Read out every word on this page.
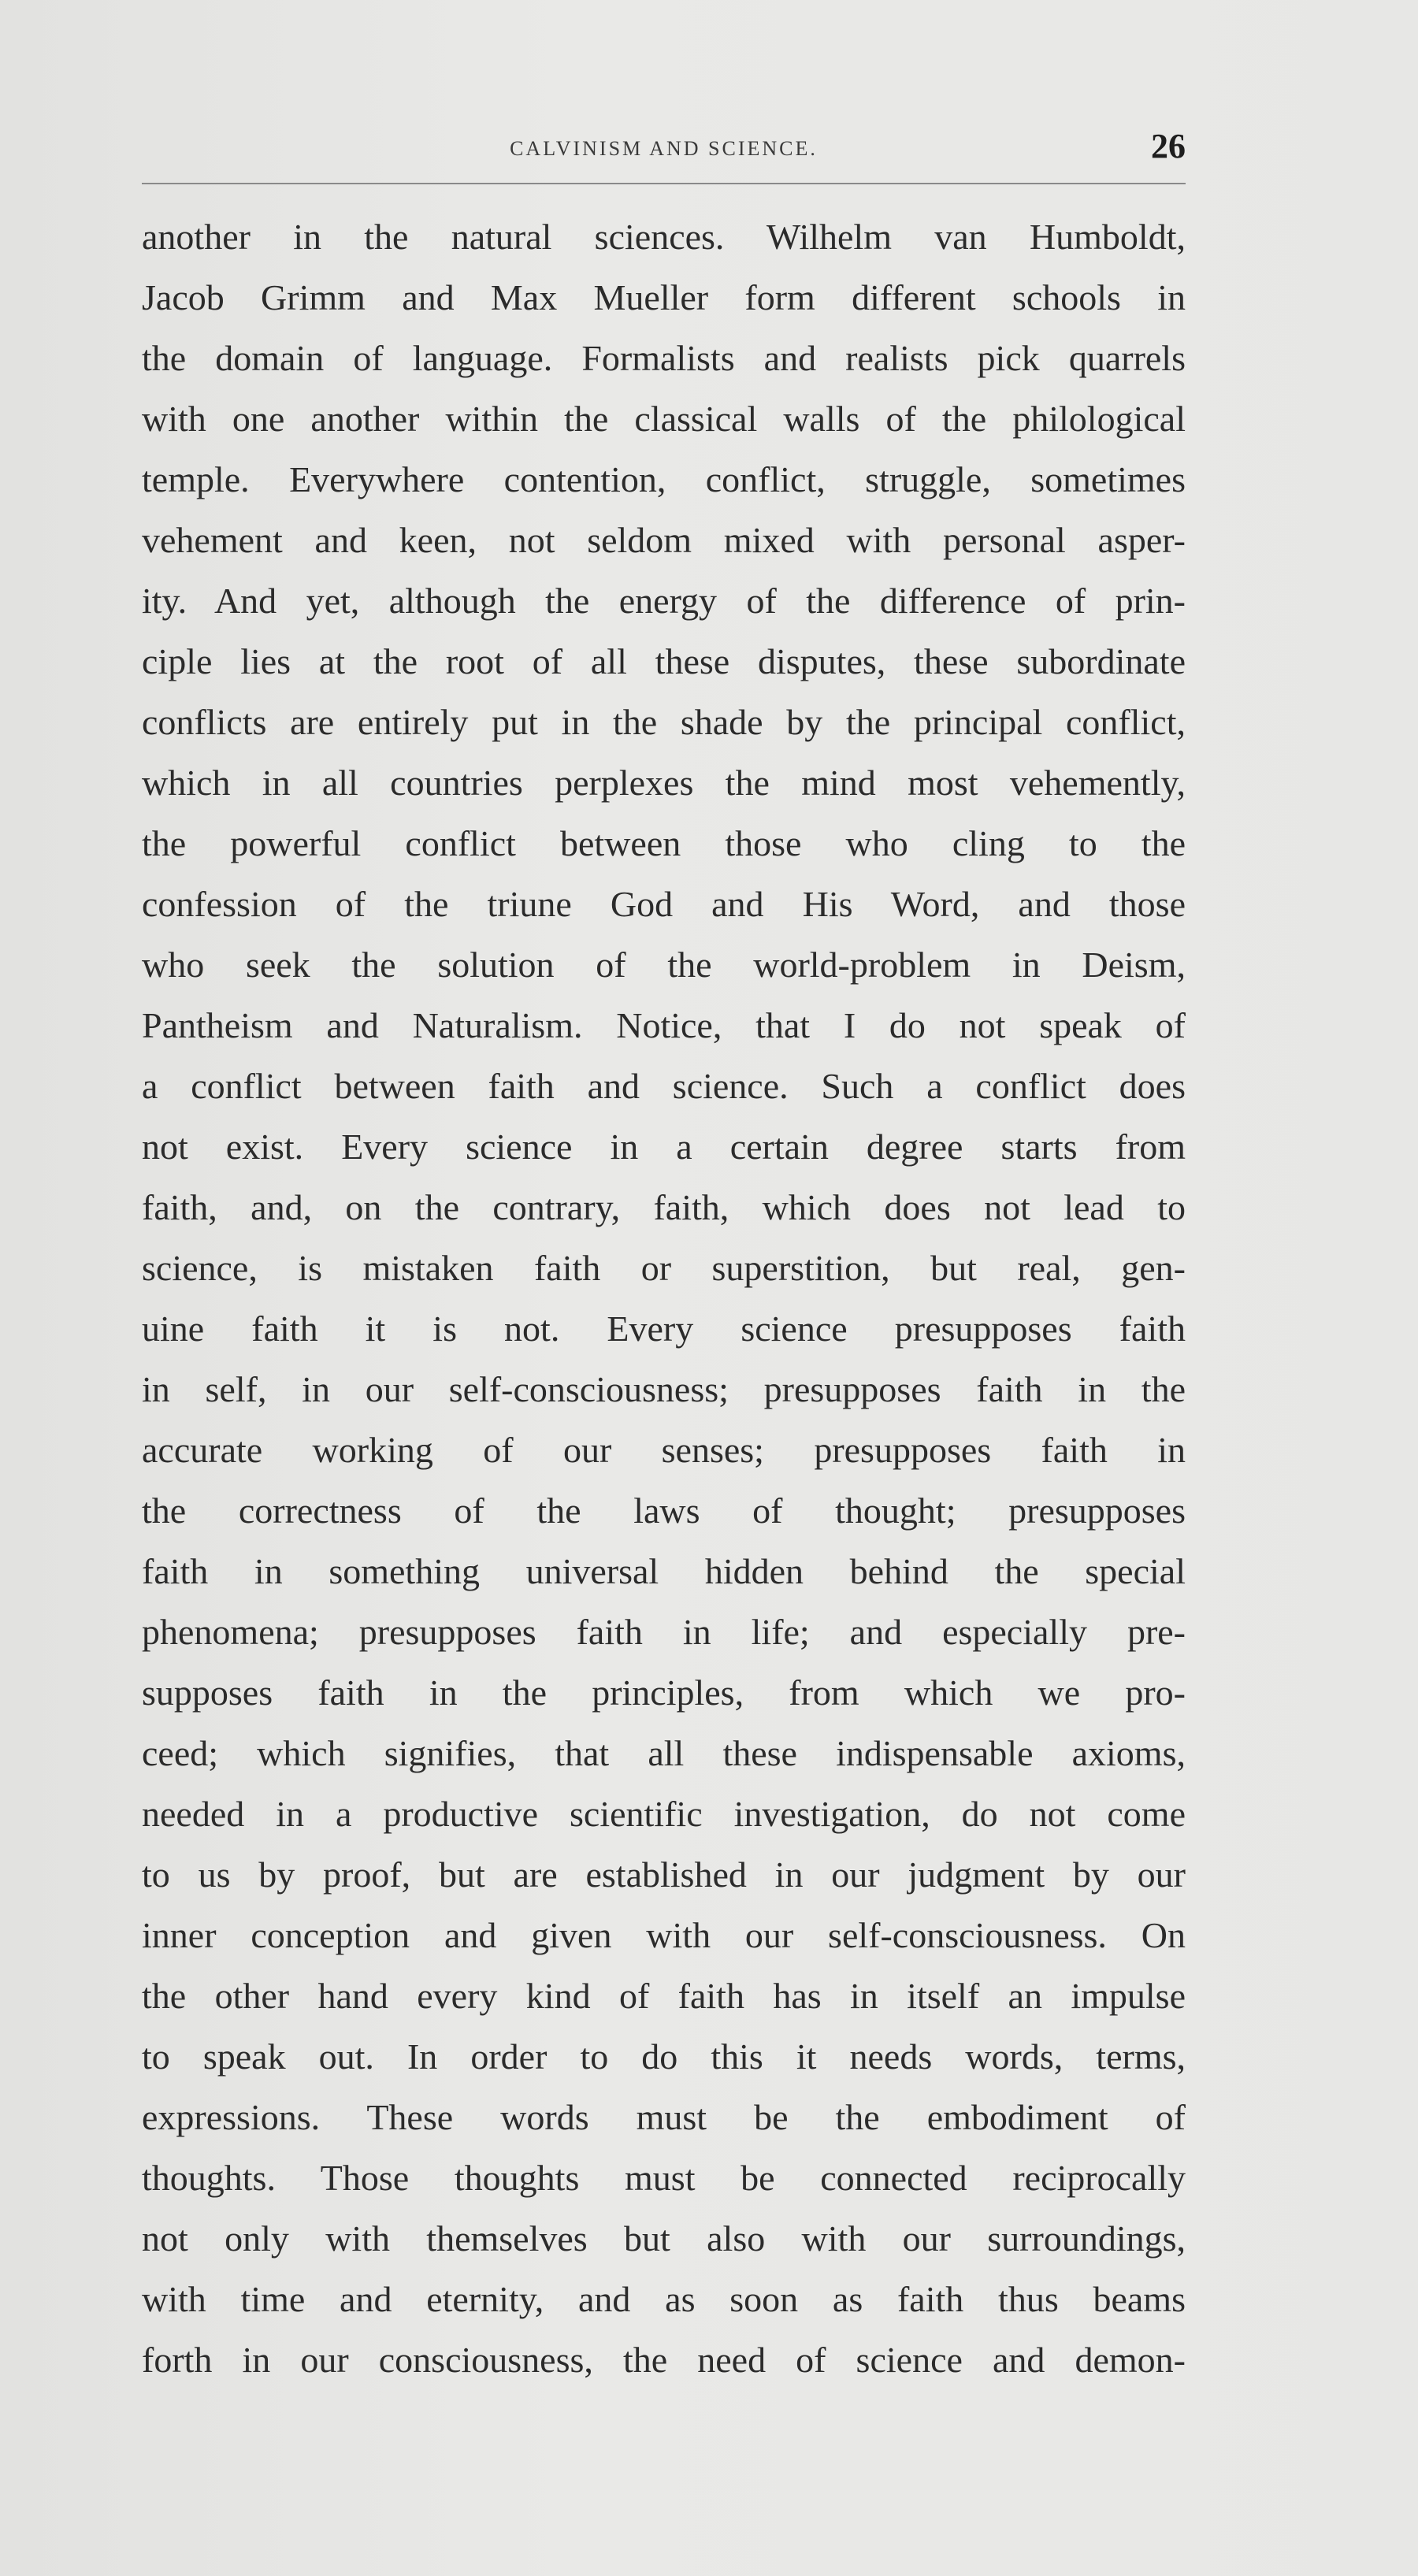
CALVINISM AND SCIENCE.	26
another in the natural sciences. Wilhelm van Humboldt,
Jacob Grimm and Max Mueller form different schools in
the domain of language. Formalists and realists pick quarrels
with one another within the classical walls of the philological
temple. Everywhere contention, conflict, struggle, sometimes
vehement and keen, not seldom mixed with personal asper-
ity. And yet, although the energy of the difference of prin-
ciple lies at the root of all these disputes, these subordinate
conflicts are entirely put in the shade by the principal conflict,
which in all countries perplexes the mind most vehemently,
the powerful conflict between those who cling to the
confession of the triune God and His Word, and those
who seek the solution of the world-problem in Deism,
Pantheism and Naturalism. Notice, that I do not speak of
a conflict between faith and science. Such a conflict does
not exist. Every science in a certain degree starts from
faith, and, on the contrary, faith, which does not lead to
science, is mistaken faith or superstition, but real, gen-
uine faith it is not. Every science presupposes faith
in self, in our self-consciousness; presupposes faith in the
accurate working of our senses; presupposes faith in
the correctness of the laws of thought; presupposes
faith in something universal hidden behind the special
phenomena; presupposes faith in life; and especially pre-
supposes faith in the principles, from which we pro-
ceed; which signifies, that all these indispensable axioms,
needed in a productive scientific investigation, do not come
to us by proof, but are established in our judgment by our
inner conception and given with our self-consciousness. On
the other hand every kind of faith has in itself an impulse
to speak out. In order to do this it needs words, terms,
expressions. These words must be the embodiment of
thoughts. Those thoughts must be connected reciprocally
not only with themselves but also with our surroundings,
with time and eternity, and as soon as faith thus beams
forth in our consciousness, the need of science and demon-
